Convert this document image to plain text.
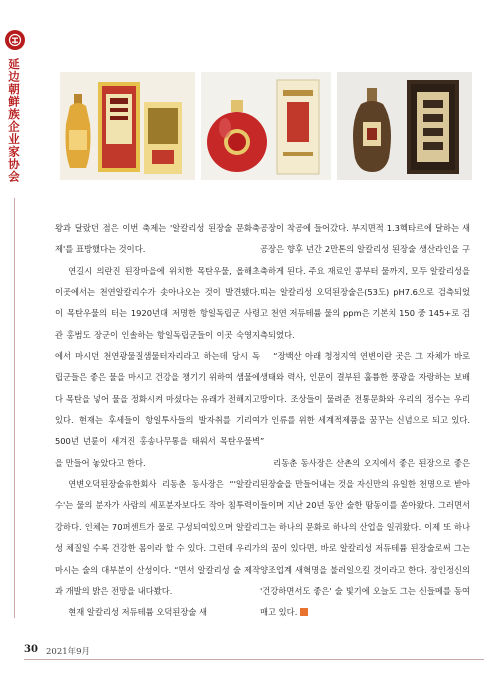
延边朝鲜族企业家协会

왕과 달랐던 점은 이번 축제는 '알칼리성 된장술 문화축제'를 표방했다는 것이다.

연길시 의란진 된장마을에 위치한 목탄우물, 올해초 이곳에서는 천연알칼리수가 솟아나오는 것이 발견됐다. 이 목탄우물의 터는 1920년대 저명한 항일독립군 사령관 홍범도 장군이 인솔하는 항일독립군들이 이곳 숙영지에서 마시던 천연광물질샘물터자리라고 하는데 당시 독립군들은 좋은 물을 마시고 건강을 챙기기 위하여 샘물에다 목탄을 넣어 물을 정화시켜 마셨다는 유래가 전해지고 있다. 현재는 후세들이 항일투사들의 발자취를 기리여 500년 년륜이 새겨진 홍송나무통을 태워서 목탄우물벽을 만들어 놓았다고 한다.

연변오덕된장술유한회사 리동춘 동사장은 “'알칼리수'는 물의 분자가 사람의 세포분자보다도 작아 침투력이 강하다. 인체는 70퍼센트가 물로 구성되여있으며 알칼리성 체질일 수록 건강한 몸이라 할 수 있다. 그런데 우리가 마시는 술의 대부분이 산성이다. “면서 알칼리성 술 제작과 개발의 밝은 전망을 내다봤다.

현재 알칼리성 저듀테륨 오덕된장술 새

공장이 착공에 들어갔다. 부지면적 1.3헥타르에 달하는 새공장은 향후 년간 2만톤의 알칼리성 된장술 생산라인을 구축하게 된다. 주요 재료인 콩부터 물까지, 모두 알칼리성을 띠는 알칼리성 오덕된장술은(53도) pH7.6으로 검측되었고 천연 저듀테륨 물의 ppm은 기본치 150 중 145+로 검측되였다.

“장백산 아래 청정지역 연변이란 곳은 그 자체가 바로 생태와 력사, 인문이 결부된 훌륭한 풍광을 자랑하는 보배땅이다. 조상들이 물려준 전통문화와 우리의 정수는 우리가 인류를 위한 세계적제품을 꿈꾸는 신념으로 되고 있다. ”

리동춘 동사장은 산촌의 오지에서 좋은 된장으로 좋은 된장술을 만들어내는 것을 자신만의 유일한 천명으로 받아들이며 지난 20년 동안 술한 땀동이를 쏟아왔다. 그러면서 그는 하나의 문화로 하나의 산업을 일궈왔다. 이제 또 하나의 꿈이 있다면, 바로 알칼리성 저듀테륨 된장술로써 그는 양조업계 새혁명을 불러일으킬 것이라고 한다. 장인정신의 '건강하면서도 좋은' 술 빛기에 오늘도 그는 신들메를 동여매고 있다.

30 2021年9月
